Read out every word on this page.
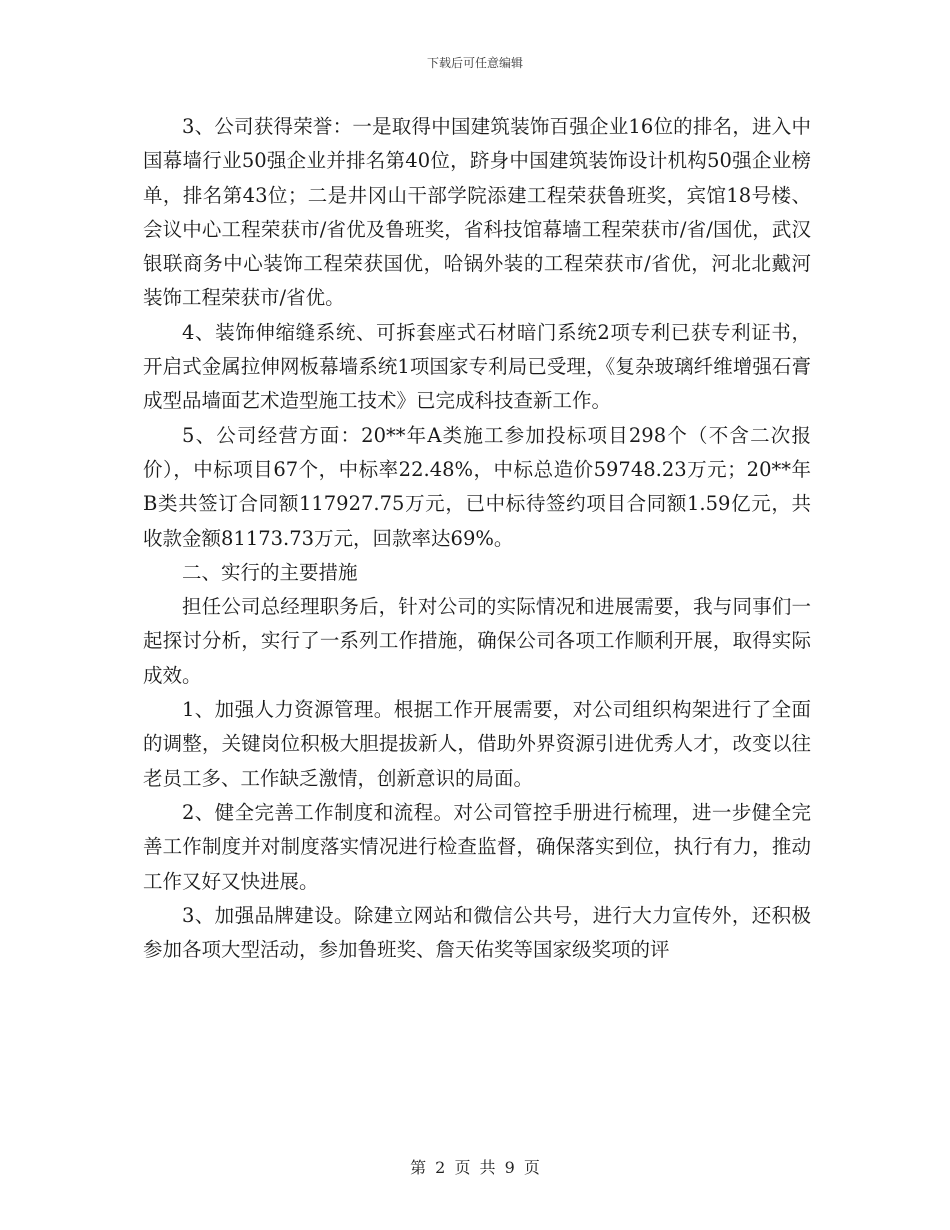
下载后可任意编辑

3、公司获得荣誉：一是取得中国建筑装饰百强企业16位的排名，进入中国幕墙行业50强企业并排名第40位，跻身中国建筑装饰设计机构50强企业榜单，排名第43位；二是井冈山干部学院添建工程荣获鲁班奖，宾馆18号楼、会议中心工程荣获市/省优及鲁班奖，省科技馆幕墙工程荣获市/省/国优，武汉银联商务中心装饰工程荣获国优，哈锅外装的工程荣获市/省优，河北北戴河装饰工程荣获市/省优。

4、装饰伸缩缝系统、可拆套座式石材暗门系统2项专利已获专利证书，开启式金属拉伸网板幕墙系统1项国家专利局已受理，《复杂玻璃纤维增强石膏成型品墙面艺术造型施工技术》已完成科技查新工作。

5、公司经营方面：20**年A类施工参加投标项目298个（不含二次报价），中标项目67个，中标率22.48%，中标总造价59748.23万元；20**年B类共签订合同额117927.75万元，已中标待签约项目合同额1.59亿元，共收款金额81173.73万元，回款率达69%。

二、实行的主要措施

担任公司总经理职务后，针对公司的实际情况和进展需要，我与同事们一起探讨分析，实行了一系列工作措施，确保公司各项工作顺利开展，取得实际成效。

1、加强人力资源管理。根据工作开展需要，对公司组织构架进行了全面的调整，关键岗位积极大胆提拔新人，借助外界资源引进优秀人才，改变以往老员工多、工作缺乏激情，创新意识的局面。

2、健全完善工作制度和流程。对公司管控手册进行梳理，进一步健全完善工作制度并对制度落实情况进行检查监督，确保落实到位，执行有力，推动工作又好又快进展。

3、加强品牌建设。除建立网站和微信公共号，进行大力宣传外，还积极参加各项大型活动，参加鲁班奖、詹天佑奖等国家级奖项的评

第 2 页 共 9 页
